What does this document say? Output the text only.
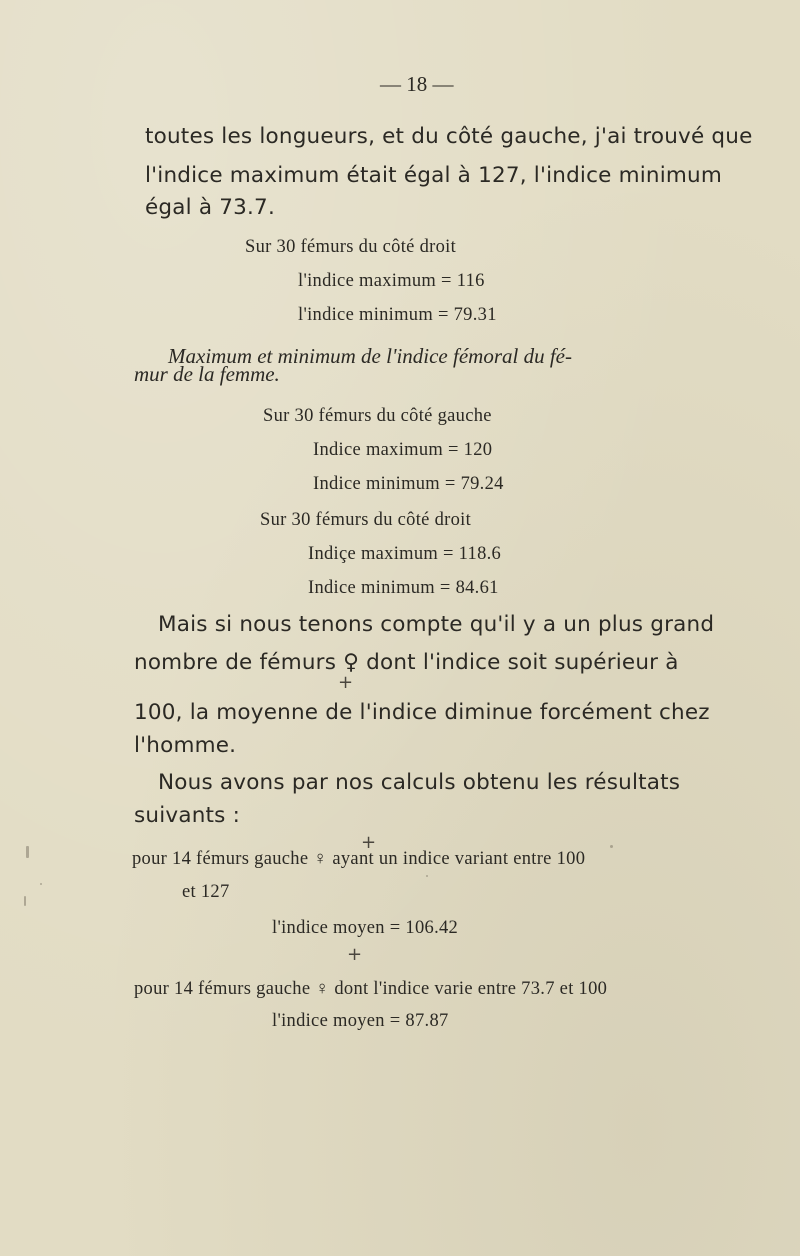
— 18 —
toutes les longueurs, et du côté gauche, j'ai trouvé que
l'indice maximum était égal à 127, l'indice minimum
égal à 73.7.
Sur 30 fémurs du côté droit
l'indice maximum = 116
l'indice minimum = 79.31
Maximum et minimum de l'indice fémoral du fé-
mur de la femme.
Sur 30 fémurs du côté gauche
Indice maximum = 120
Indice minimum = 79.24
Sur 30 fémurs du côté droit
Indiçe maximum = 118.6
Indice minimum = 84.61
Mais si nous tenons compte qu'il y a un plus grand
nombre de fémurs ♀ dont l'indice soit supérieur à
+
100, la moyenne de l'indice diminue forcément chez
l'homme.
Nous avons par nos calculs obtenu les résultats
suivants :
+
pour 14 fémurs gauche ♀ ayant un indice variant entre 100
et 127
l'indice moyen = 106.42
+
pour 14 fémurs gauche ♀ dont l'indice varie entre 73.7 et 100
l'indice moyen = 87.87
